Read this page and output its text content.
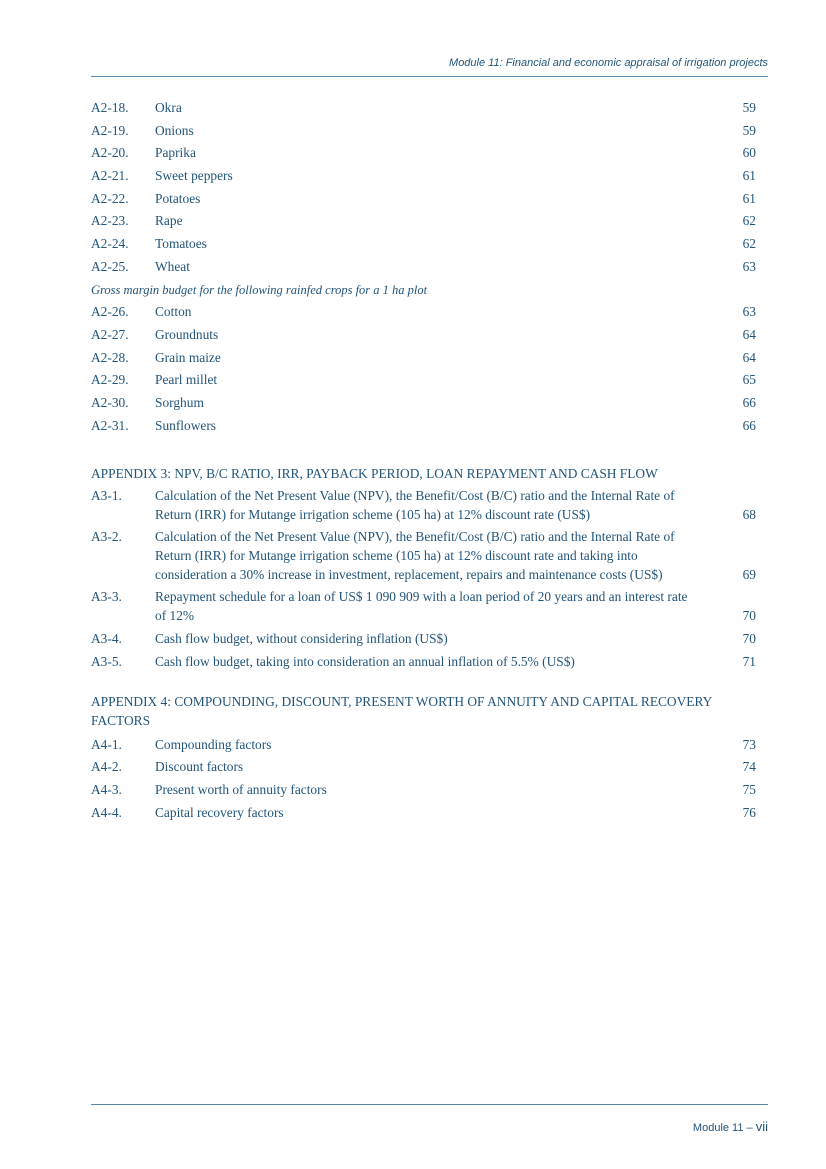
Module 11: Financial and economic appraisal of irrigation projects
A2-18. Okra	59
A2-19. Onions	59
A2-20. Paprika	60
A2-21. Sweet peppers	61
A2-22. Potatoes	61
A2-23. Rape	62
A2-24. Tomatoes	62
A2-25. Wheat	63
Gross margin budget for the following rainfed crops for a 1 ha plot
A2-26. Cotton	63
A2-27. Groundnuts	64
A2-28. Grain maize	64
A2-29. Pearl millet	65
A2-30. Sorghum	66
A2-31. Sunflowers	66
APPENDIX 3: NPV, B/C RATIO, IRR, PAYBACK PERIOD, LOAN REPAYMENT AND CASH FLOW
A3-1. Calculation of the Net Present Value (NPV), the Benefit/Cost (B/C) ratio and the Internal Rate of Return (IRR) for Mutange irrigation scheme (105 ha) at 12% discount rate (US$)	68
A3-2. Calculation of the Net Present Value (NPV), the Benefit/Cost (B/C) ratio and the Internal Rate of Return (IRR) for Mutange irrigation scheme (105 ha) at 12% discount rate and taking into consideration a 30% increase in investment, replacement, repairs and maintenance costs (US$)	69
A3-3. Repayment schedule for a loan of US$ 1 090 909 with a loan period of 20 years and an interest rate of 12%	70
A3-4. Cash flow budget, without considering inflation (US$)	70
A3-5. Cash flow budget, taking into consideration an annual inflation of 5.5% (US$)	71
APPENDIX 4: COMPOUNDING, DISCOUNT, PRESENT WORTH OF ANNUITY AND CAPITAL RECOVERY FACTORS
A4-1. Compounding factors	73
A4-2. Discount factors	74
A4-3. Present worth of annuity factors	75
A4-4. Capital recovery factors	76
Module 11 – vii
